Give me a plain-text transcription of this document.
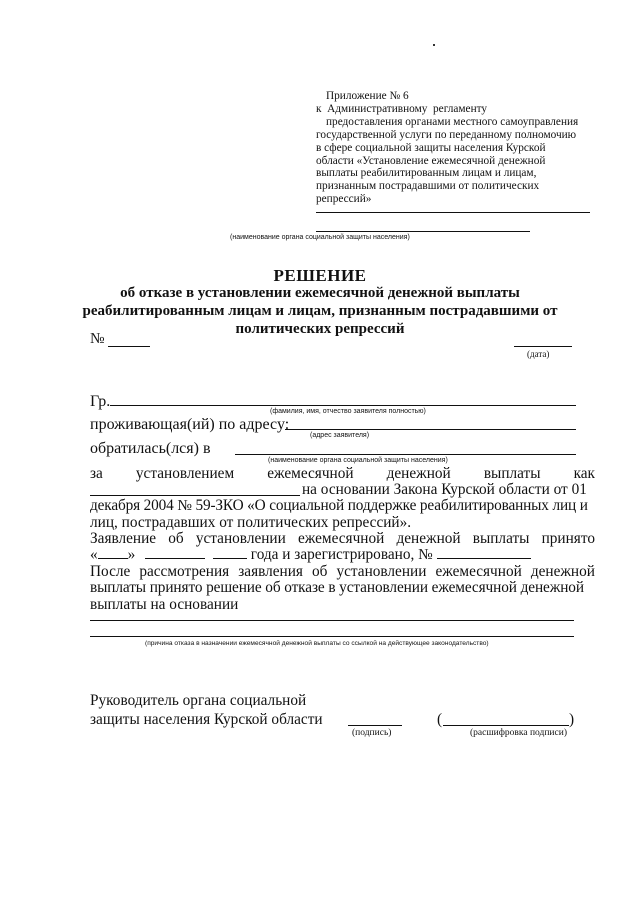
Приложение № 6
к  Административному  регламенту
предоставления органами местного самоуправления
государственной услуги по переданному полномочию
в сфере социальной защиты населения Курской
области «Установление ежемесячной денежной
выплаты реабилитированным лицам и лицам,
признанным пострадавшими от политических
репрессий»
(наименование органа социальной защиты населения)
РЕШЕНИЕ
об отказе в установлении ежемесячной денежной выплаты
реабилитированным лицам и лицам, признанным пострадавшими от
политических репрессий
№
(дата)
Гр.
(фамилия, имя, отчество заявителя полностью)
проживающая(ий) по адресу:
(адрес заявителя)
обратилась(лся) в
(наименование органа социальной защиты населения)
за установлением ежемесячной денежной выплаты как
на основании Закона Курской области от 01
декабря 2004 № 59-ЗКО «О социальной поддержке реабилитированных лиц и
лиц, пострадавших от политических репрессий».
Заявление об установлении ежемесячной денежной выплаты принято
« »	года и зарегистрировано, №
После рассмотрения заявления об установлении ежемесячной денежной
выплаты принято решение об отказе в установлении ежемесячной денежной
выплаты на основании
(причина отказа в назначении ежемесячной денежной выплаты со ссылкой на действующее законодательство)
Руководитель органа социальной
защиты населения Курской области
(подпись)
(	)
(расшифровка подписи)
